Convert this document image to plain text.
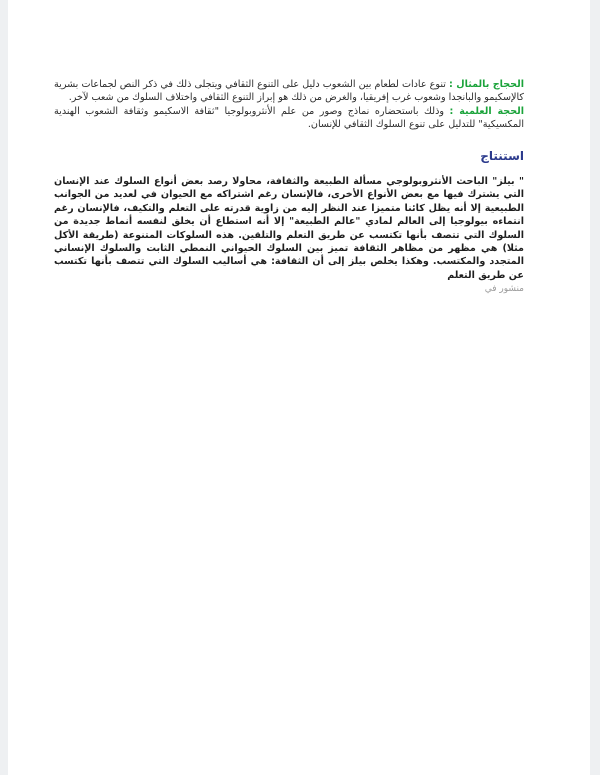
الحجاج بالمثال : تنوع عادات لطعام بين الشعوب دليل على التنوع الثقافي ويتجلى ذلك في ذكر النص لجماعات بشرية كالإسكيمو والبانجدا وشعوب غرب إفريقيا، والغرض من ذلك هو إبراز التنوع الثقافي واختلاف السلوك من شعب لآخر.
الحجة العلمية : وذلك باستحضاره نماذج وصور من علم الأنثروبولوجيا "ثقافة الاسكيمو وثقافة الشعوب الهندية المكسيكية" للتدليل على تنوع السلوك الثقافي للإنسان.

استنتاج

" بيلز" الباحث الأنثروبولوجي مسألة الطبيعة والثقافة، محاولا رصد بعض أنواع السلوك عند الإنسان التي يشترك فيها مع بعض الأنواع الأخرى، فالإنسان رغم اشتراكه مع الحيوان في لعديد من الجوانب الطبيعية إلا أنه يظل كائنا متميزا عند النظر إليه من زاوية قدرته على التعلم والتكيف، فالإنسان رغم انتماءه بيولوجيا إلى العالم لمادي "عالم الطبيعة" إلا أنه استطاع أن يخلق لنفسه أنماط جديدة من السلوك التي تتصف بأنها تكتسب عن طريق التعلم والتلقين. هذه السلوكات المتنوعة (طريقة الأكل مثلا) هي مظهر من مظاهر الثقافة تميز بين السلوك الحيواني النمطي الثابت والسلوك الإنساني المتجدد والمكتسب. وهكذا يخلص بيلز إلى أن الثقافة: هي أساليب السلوك التي تتصف بأنها تكتسب عن طريق التعلم

منشور في
